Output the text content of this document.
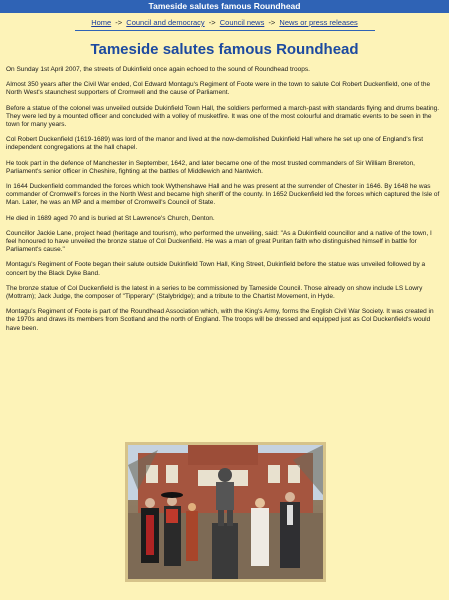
Tameside salutes famous Roundhead
Home -> Council and democracy -> Council news -> News or press releases
Tameside salutes famous Roundhead

On Sunday 1st April 2007, the streets of Dukinfield once again echoed to the sound of Roundhead troops.

Almost 350 years after the Civil War ended, Col Edward Montagu's Regiment of Foote were in the town to salute Col Robert Duckenfield, one of the North West's staunchest supporters of Cromwell and the cause of Parliament.

Before a statue of the colonel was unveiled outside Dukinfield Town Hall, the soldiers performed a march-past with standards flying and drums beating. They were led by a mounted officer and concluded with a volley of musketfire. It was one of the most colourful and dramatic events to be seen in the town for many years.

Col Robert Duckenfield (1619-1689) was lord of the manor and lived at the now-demolished Dukinfield Hall where he set up one of England's first independent congregations at the hall chapel.

He took part in the defence of Manchester in September, 1642, and later became one of the most trusted commanders of Sir William Brereton, Parliament's senior officer in Cheshire, fighting at the battles of Middlewich and Nantwich.

In 1644 Duckenfield commanded the forces which took Wythenshawe Hall and he was present at the surrender of Chester in 1646. By 1648 he was commander of Cromwell's forces in the North West and became high sheriff of the county. In 1652 Duckenfield led the forces which captured the Isle of Man. Later, he was an MP and a member of Cromwell's Council of State.

He died in 1689 aged 70 and is buried at St Lawrence's Church, Denton.

Councillor Jackie Lane, project head (heritage and tourism), who performed the unveiling, said: "As a Dukinfield councillor and a native of the town, I feel honoured to have unveiled the bronze statue of Col Duckenfield. He was a man of great Puritan faith who distinguished himself in battle for Parliament's cause."

Montagu's Regiment of Foote began their salute outside Dukinfield Town Hall, King Street, Dukinfield before the statue was unveiled followed by a concert by the Black Dyke Band.

The bronze statue of Col Duckenfield is the latest in a series to be commissioned by Tameside Council. Those already on show include LS Lowry (Mottram); Jack Judge, the composer of "Tipperary" (Stalybridge); and a tribute to the Chartist Movement, in Hyde.

Montagu's Regiment of Foote is part of the Roundhead Association which, with the King's Army, forms the English Civil War Society. It was created in the 1970s and draws its members from Scotland and the north of England. The troops will be dressed and equipped just as Col Duckenfield's would have been.
